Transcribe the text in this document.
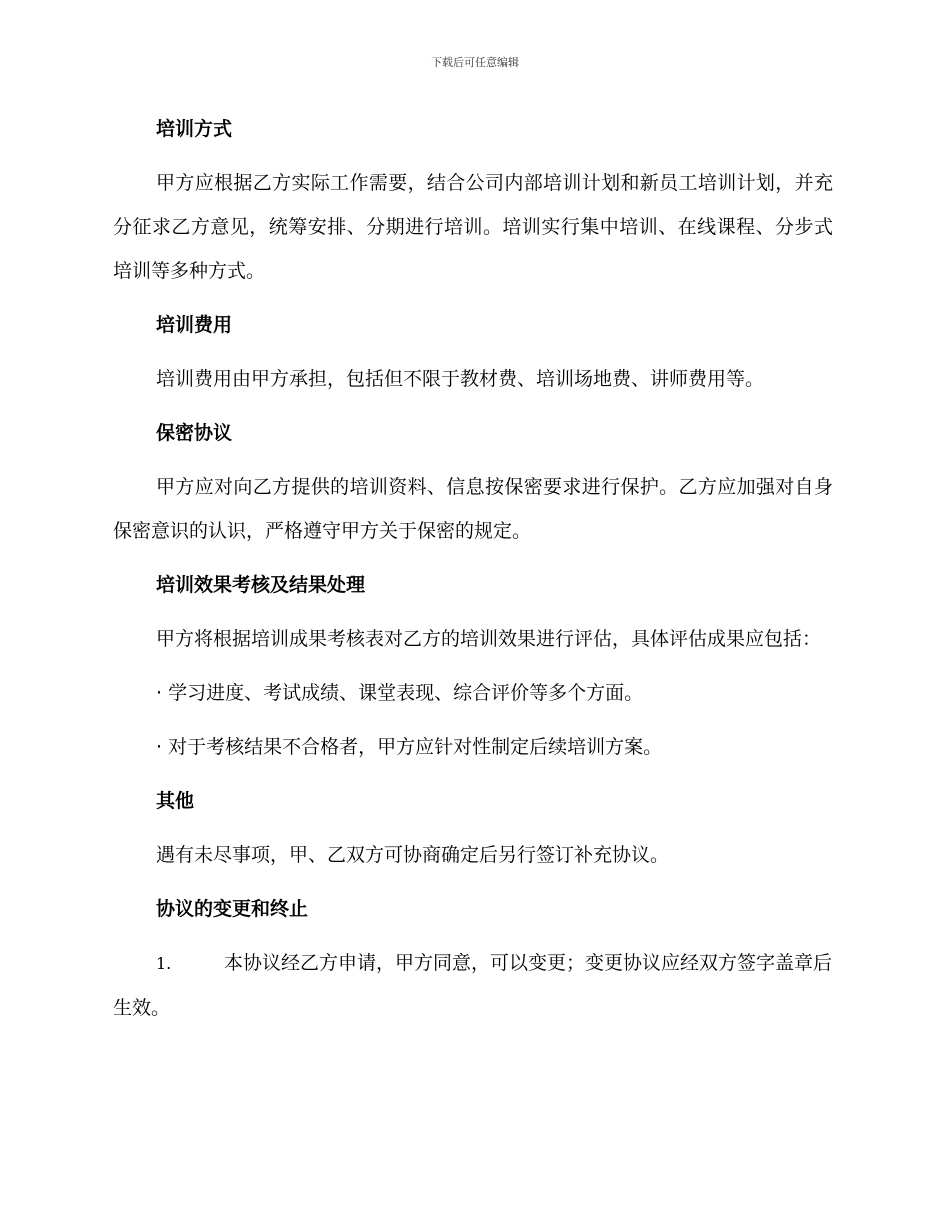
下载后可任意编辑
培训方式
甲方应根据乙方实际工作需要，结合公司内部培训计划和新员工培训计划，并充分征求乙方意见，统筹安排、分期进行培训。培训实行集中培训、在线课程、分步式培训等多种方式。
培训费用
培训费用由甲方承担，包括但不限于教材费、培训场地费、讲师费用等。
保密协议
甲方应对向乙方提供的培训资料、信息按保密要求进行保护。乙方应加强对自身保密意识的认识，严格遵守甲方关于保密的规定。
培训效果考核及结果处理
甲方将根据培训成果考核表对乙方的培训效果进行评估，具体评估成果应包括：
· 学习进度、考试成绩、课堂表现、综合评价等多个方面。
· 对于考核结果不合格者，甲方应针对性制定后续培训方案。
其他
遇有未尽事项，甲、乙双方可协商确定后另行签订补充协议。
协议的变更和终止
1.	本协议经乙方申请，甲方同意，可以变更；变更协议应经双方签字盖章后生效。
